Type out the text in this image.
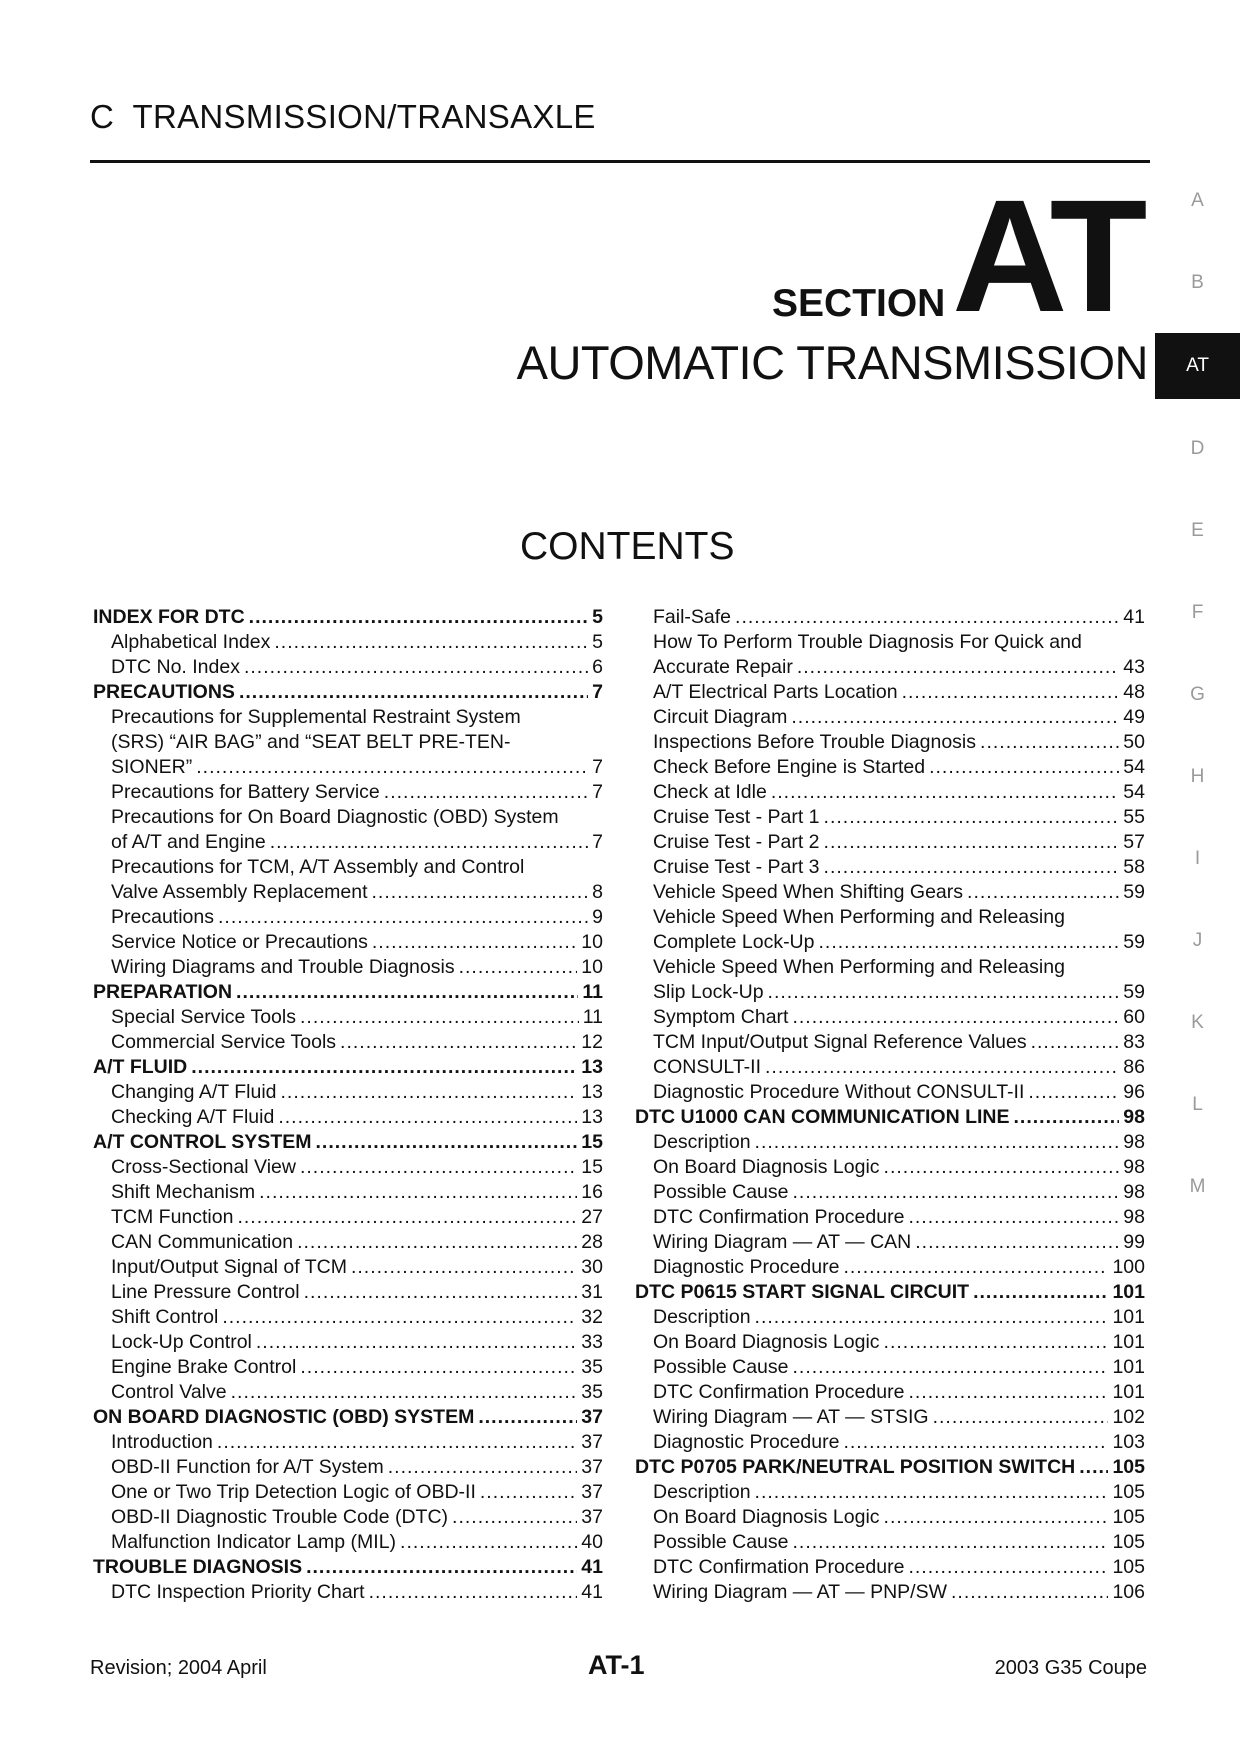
C TRANSMISSION/TRANSAXLE
SECTION AT
AUTOMATIC TRANSMISSION
CONTENTS
A
B
AT
D
E
F
G
H
I
J
K
L
M
INDEX FOR DTC .....	5
Alphabetical Index .....	5
DTC No. Index .....	6
PRECAUTIONS .....	7
Precautions for Supplemental Restraint System
(SRS) “AIR BAG” and “SEAT BELT PRE-TEN-
SIONER” .....	7
Precautions for Battery Service .....	7
Precautions for On Board Diagnostic (OBD) System
of A/T and Engine .....	7
Precautions for TCM, A/T Assembly and Control
Valve Assembly Replacement .....	8
Precautions .....	9
Service Notice or Precautions .....	10
Wiring Diagrams and Trouble Diagnosis .....	10
PREPARATION .....	11
Special Service Tools .....	11
Commercial Service Tools .....	12
A/T FLUID .....	13
Changing A/T Fluid .....	13
Checking A/T Fluid .....	13
A/T CONTROL SYSTEM .....	15
Cross-Sectional View .....	15
Shift Mechanism .....	16
TCM Function .....	27
CAN Communication .....	28
Input/Output Signal of TCM .....	30
Line Pressure Control .....	31
Shift Control .....	32
Lock-Up Control .....	33
Engine Brake Control .....	35
Control Valve .....	35
ON BOARD DIAGNOSTIC (OBD) SYSTEM .....	37
Introduction .....	37
OBD-II Function for A/T System .....	37
One or Two Trip Detection Logic of OBD-II .....	37
OBD-II Diagnostic Trouble Code (DTC) .....	37
Malfunction Indicator Lamp (MIL) .....	40
TROUBLE DIAGNOSIS .....	41
DTC Inspection Priority Chart .....	41
Fail-Safe .....	41
How To Perform Trouble Diagnosis For Quick and
Accurate Repair .....	43
A/T Electrical Parts Location .....	48
Circuit Diagram .....	49
Inspections Before Trouble Diagnosis .....	50
Check Before Engine is Started .....	54
Check at Idle .....	54
Cruise Test - Part 1 .....	55
Cruise Test - Part 2 .....	57
Cruise Test - Part 3 .....	58
Vehicle Speed When Shifting Gears .....	59
Vehicle Speed When Performing and Releasing
Complete Lock-Up .....	59
Vehicle Speed When Performing and Releasing
Slip Lock-Up .....	59
Symptom Chart .....	60
TCM Input/Output Signal Reference Values .....	83
CONSULT-II .....	86
Diagnostic Procedure Without CONSULT-II .....	96
DTC U1000 CAN COMMUNICATION LINE .....	98
Description .....	98
On Board Diagnosis Logic .....	98
Possible Cause .....	98
DTC Confirmation Procedure .....	98
Wiring Diagram — AT — CAN .....	99
Diagnostic Procedure .....	100
DTC P0615 START SIGNAL CIRCUIT .....	101
Description .....	101
On Board Diagnosis Logic .....	101
Possible Cause .....	101
DTC Confirmation Procedure .....	101
Wiring Diagram — AT — STSIG .....	102
Diagnostic Procedure .....	103
DTC P0705 PARK/NEUTRAL POSITION SWITCH ..... 105
Description .....	105
On Board Diagnosis Logic .....	105
Possible Cause .....	105
DTC Confirmation Procedure .....	105
Wiring Diagram — AT — PNP/SW .....	106
Revision; 2004 April	AT-1	2003 G35 Coupe
